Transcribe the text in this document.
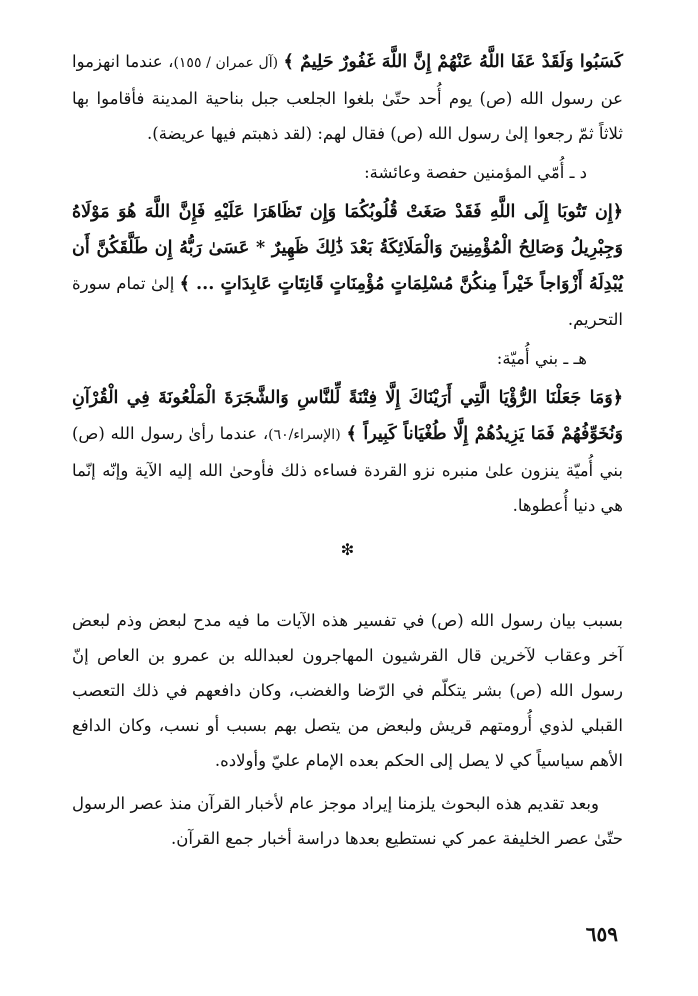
كَسَبُوا وَلَقَدْ عَفَا اللَّهُ عَنْهُمْ إِنَّ اللَّهَ غَفُورٌ حَلِيمٌ ﴾ (آل عمران / ١٥٥)، عندما انهزموا عن رسول الله (ص) يوم أُحد حتّىٰ بلغوا الجلعب جبل بناحية المدينة فأقاموا بها ثلاثاً ثمّ رجعوا إلىٰ رسول الله (ص) فقال لهم: (لقد ذهبتم فيها عريضة).

د ـ أُمّي المؤمنين حفصة وعائشة:

﴿إِن تَتُوبَا إِلَى اللَّهِ فَقَدْ صَغَتْ قُلُوبُكُمَا وَإِن تَظَاهَرَا عَلَيْهِ فَإِنَّ اللَّهَ هُوَ مَوْلَاهُ وَجِبْرِيلُ وَصَالِحُ الْمُؤْمِنِينَ وَالْمَلَائِكَةُ بَعْدَ ذَٰلِكَ ظَهِيرٌ * عَسَىٰ رَبُّهُ إِن طَلَّقَكُنَّ أَن يُبْدِلَهُ أَزْوَاجاً خَيْراً مِنكُنَّ مُسْلِمَاتٍ مُؤْمِنَاتٍ قَانِتَاتٍ عَابِدَاتٍ ... ﴾ إلىٰ تمام سورة التحريم.

هـ ـ بني أُميّة:

﴿وَمَا جَعَلْنَا الرُّؤْيَا الَّتِي أَرَيْنَاكَ إِلَّا فِتْنَةً لِّلنَّاسِ وَالشَّجَرَةَ الْمَلْعُونَةَ فِي الْقُرْآنِ وَنُخَوِّفُهُمْ فَمَا يَزِيدُهُمْ إِلَّا طُغْيَاناً كَبِيراً ﴾ (الإسراء/٦٠)، عندما رأىٰ رسول الله (ص) بني أُميّة ينزون علىٰ منبره نزو القردة فساءه ذلك فأوحىٰ الله إليه الآية وإنّه إنّما هي دنيا أُعطوها.

❇

بسبب بيان رسول الله (ص) في تفسير هذه الآيات ما فيه مدح لبعض وذم لبعض آخر وعقاب لآخرين قال القرشيون المهاجرون لعبدالله بن عمرو بن العاص إنّ رسول الله (ص) بشر يتكلّم في الرّضا والغضب، وكان دافعهم في ذلك التعصب القبلي لذوي أُرومتهم قريش ولبعض من يتصل بهم بسبب أو نسب، وكان الدافع الأهم سياسياً كي لا يصل إلى الحكم بعده الإمام عليّ وأولاده.

وبعد تقديم هذه البحوث يلزمنا إيراد موجز عام لأخبار القرآن منذ عصر الرسول حتّىٰ عصر الخليفة عمر كي نستطيع بعدها دراسة أخبار جمع القرآن.

٦٥٩
